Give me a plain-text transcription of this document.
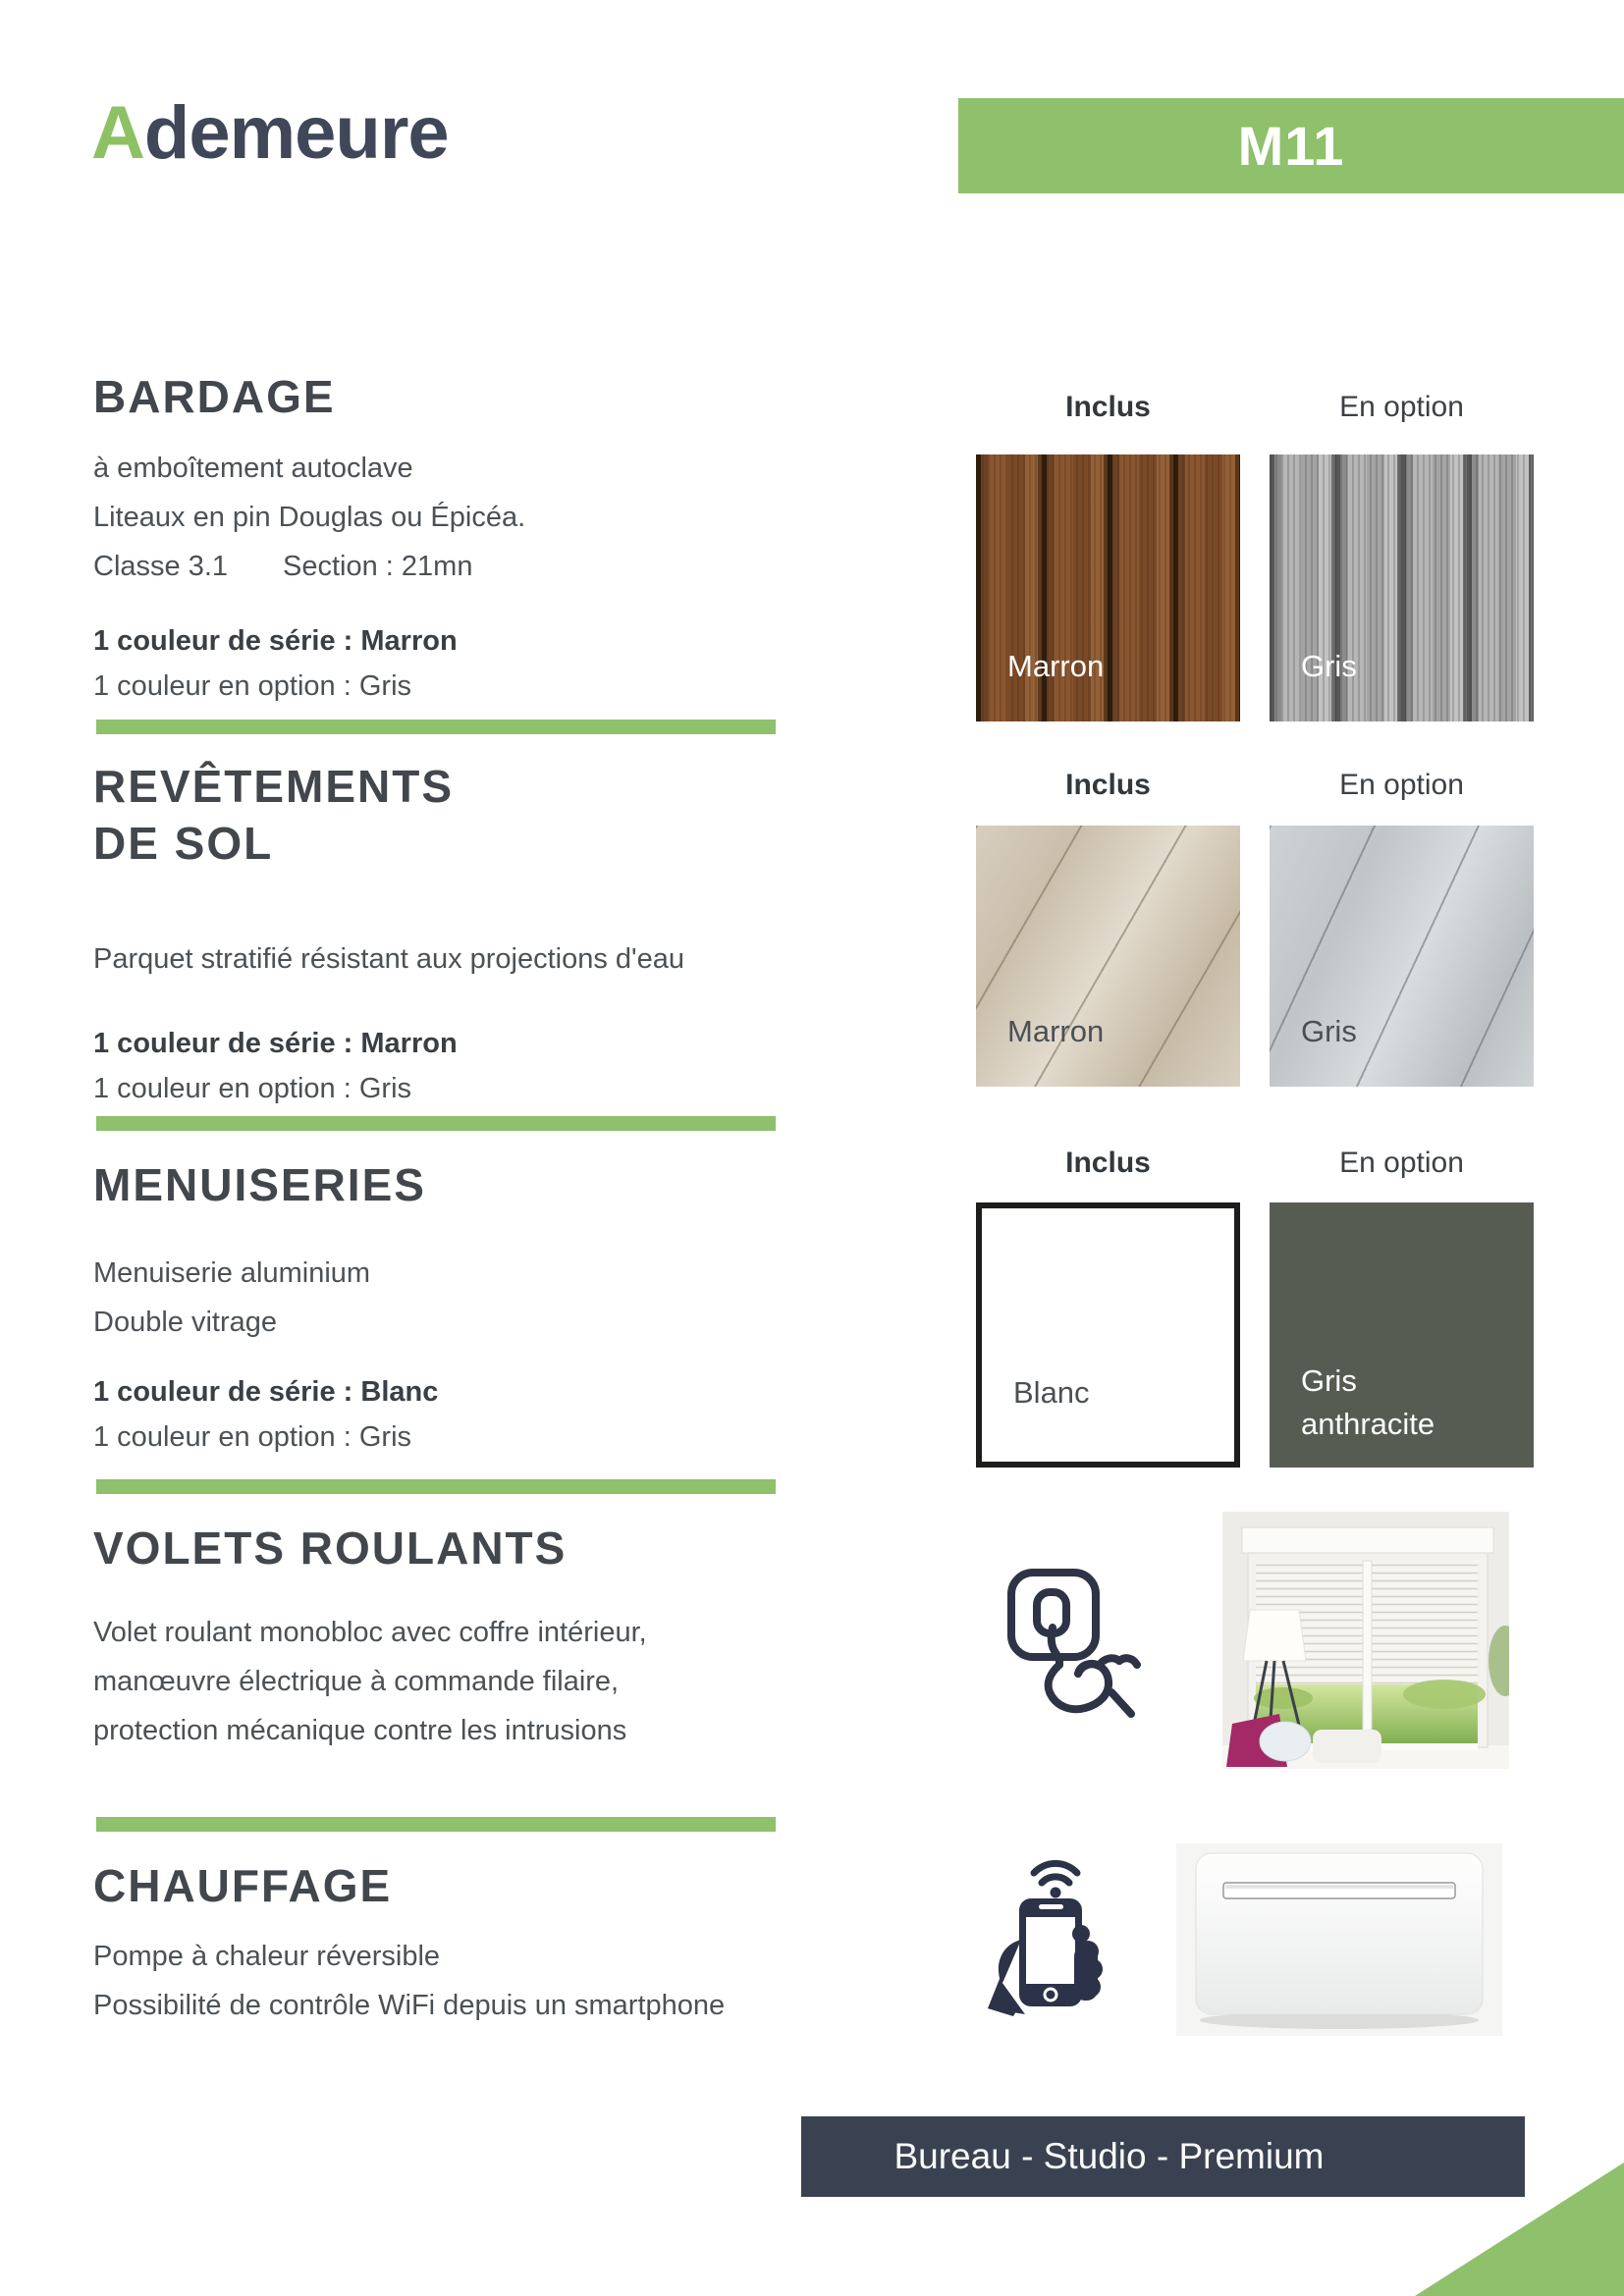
Ademeure	M11
BARDAGE
à emboîtement autoclave
Liteaux en pin Douglas ou Épicéa.
Classe 3.1 Section : 21mn
1 couleur de série : Marron
1 couleur en option : Gris
Inclus	En option
Marron	Gris
REVÊTEMENTS
DE SOL
Parquet stratifié résistant aux projections d'eau
1 couleur de série : Marron
1 couleur en option : Gris
Inclus	En option
Marron	Gris
MENUISERIES
Menuiserie aluminium
Double vitrage
1 couleur de série : Blanc
1 couleur en option : Gris
Inclus	En option
Blanc	Gris
anthracite
VOLETS ROULANTS
Volet roulant monobloc avec coffre intérieur,
manœuvre électrique à commande filaire,
protection mécanique contre les intrusions
CHAUFFAGE
Pompe à chaleur réversible
Possibilité de contrôle WiFi depuis un smartphone
Bureau - Studio - Premium
